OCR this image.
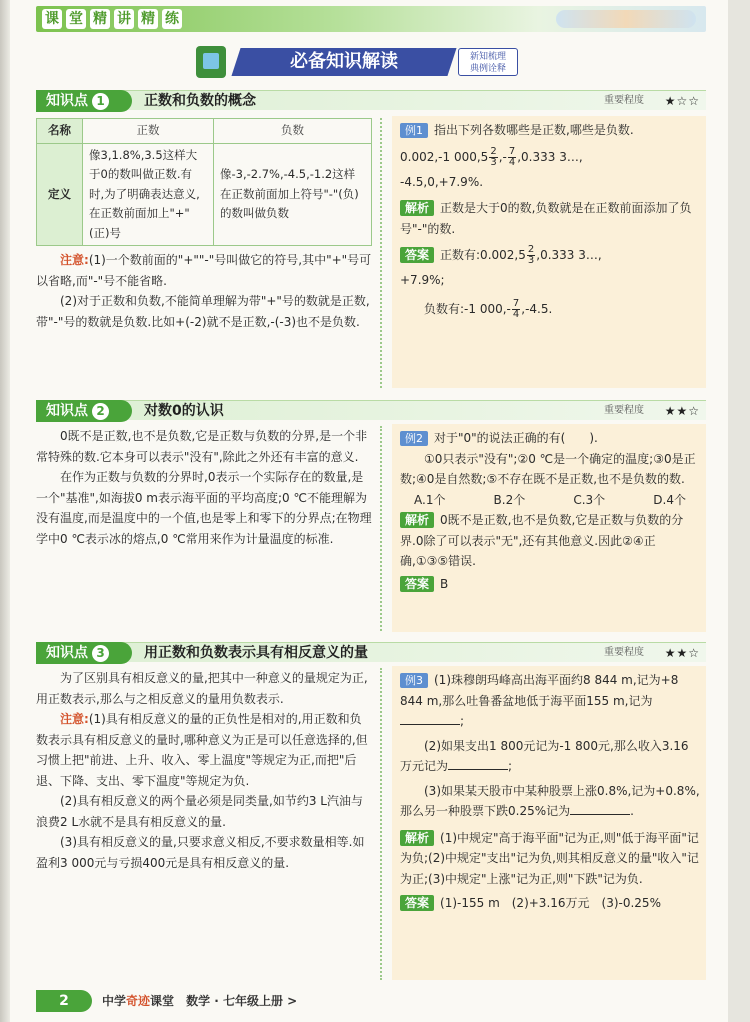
课 堂 精 讲 精 练
必备知识解读	新知梳理
典例诠释
知识点 1	正数和负数的概念	重要程度 ★☆☆
名称	正数	负数
定义	像3,1.8%,3.5这样大于0的数叫做正数.有时,为了明确表达意义,在正数前面加上"+"(正)号	像-3,-2.7%,-4.5,-1.2这样在正数前面加上符号"-"(负)的数叫做负数
注意:(1)一个数前面的"+""-"号叫做它的符号,其中"+"号可以省略,而"-"号不能省略.
(2)对于正数和负数,不能简单理解为带"+"号的数就是正数,带"-"号的数就是负数.比如+(-2)就不是正数,-(-3)也不是负数.
例1 指出下列各数哪些是正数,哪些是负数.
0.002,-1 $000,5 \frac{2}{3}$ ,- $\frac{7}{4} ,0.333$ 3…,
-4.5,0,+7.9%.
解析 正数是大于0的数,负数就是在正数前面添加了负号"-"的数.
答案 正数有:0.002,5 $\frac{2}{3} ,0.333$ 3…,
+7.9%;
负数有:-1 $000,- \frac{7}{4} ,-4.5$.
知识点 2	对数0的认识	重要程度 ★★☆
0既不是正数,也不是负数,它是正数与负数的分界,是一个非常特殊的数.它本身可以表示"没有",除此之外还有丰富的意义.
在作为正数与负数的分界时,0表示一个实际存在的数量,是一个"基准",如海拔0 m表示海平面的平均高度;0 ℃不能理解为没有温度,而是温度中的一个值,也是零上和零下的分界点;在物理学中0 ℃表示冰的熔点,0 ℃常用来作为计量温度的标准.
例2 对于"0"的说法正确的有(　　).
①0只表示"没有";②0 ℃是一个确定的温度;③0是正数;④0是自然数;⑤不存在既不是正数,也不是负数的数.
A.1个	B.2个	C.3个	D.4个
解析 0既不是正数,也不是负数,它是正数与负数的分界.0除了可以表示"无",还有其他意义.因此②④正确,①③⑤错误.
答案 B
知识点 3	用正数和负数表示具有相反意义的量	重要程度 ★★☆
为了区别具有相反意义的量,把其中一种意义的量规定为正,用正数表示,那么与之相反意义的量用负数表示.
注意:(1)具有相反意义的量的正负性是相对的,用正数和负数表示具有相反意义的量时,哪种意义为正是可以任意选择的,但习惯上把"前进、上升、收入、零上温度"等规定为正,而把"后退、下降、支出、零下温度"等规定为负.
(2)具有相反意义的两个量必须是同类量,如节约3 L汽油与浪费2 L水就不是具有相反意义的量.
(3)具有相反意义的量,只要求意义相反,不要求数量相等.如盈利3 000元与亏损400元是具有相反意义的量.
例3 (1)珠穆朗玛峰高出海平面约8 844 m,记为+8 844 m,那么吐鲁番盆地低于海平面155 m,记为;
(2)如果支出1 800元记为-1 800元,那么收入3.16万元记为	;
(3)如果某天股市中某种股票上涨0.8%,记为+0.8%,那么另一种股票下跌0.25%记为	.
解析 (1)中规定"高于海平面"记为正,则"低于海平面"记为负;(2)中规定"支出"记为负,则其相反意义的量"收入"记为正;(3)中规定"上涨"记为正,则"下跌"记为负.
答案 (1)-155 m　(2)+3.16万元　(3)-0.25%
2	中学奇迹课堂　 数学 · 七年级上册 >
